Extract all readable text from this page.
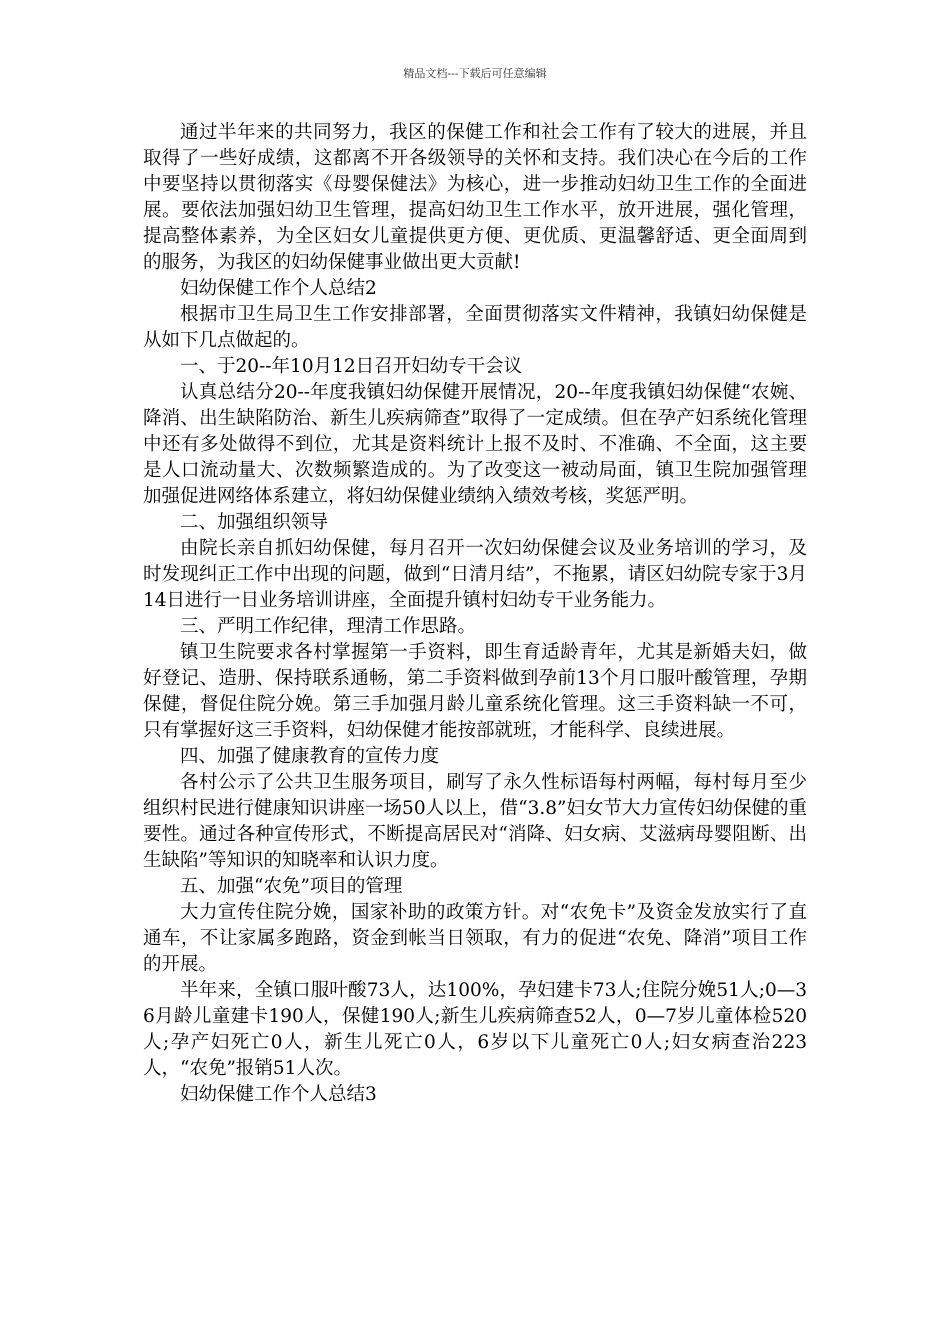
精品文档---下载后可任意编辑

通过半年来的共同努力，我区的保健工作和社会工作有了较大的进展，并且取得了一些好成绩，这都离不开各级领导的关怀和支持。我们决心在今后的工作中要坚持以贯彻落实《母婴保健法》为核心，进一步推动妇幼卫生工作的全面进展。要依法加强妇幼卫生管理，提高妇幼卫生工作水平，放开进展，强化管理，提高整体素养，为全区妇女儿童提供更方便、更优质、更温馨舒适、更全面周到的服务，为我区的妇幼保健事业做出更大贡献!

妇幼保健工作个人总结2

根据市卫生局卫生工作安排部署，全面贯彻落实文件精神，我镇妇幼保健是从如下几点做起的。

一、于20--年10月12日召开妇幼专干会议

认真总结分20--年度我镇妇幼保健开展情况，20--年度我镇妇幼保健“农婉、降消、出生缺陷防治、新生儿疾病筛查”取得了一定成绩。但在孕产妇系统化管理中还有多处做得不到位，尤其是资料统计上报不及时、不准确、不全面，这主要是人口流动量大、次数频繁造成的。为了改变这一被动局面，镇卫生院加强管理加强促进网络体系建立，将妇幼保健业绩纳入绩效考核，奖惩严明。

二、加强组织领导

由院长亲自抓妇幼保健，每月召开一次妇幼保健会议及业务培训的学习，及时发现纠正工作中出现的问题，做到“日清月结”，不拖累，请区妇幼院专家于3月14日进行一日业务培训讲座，全面提升镇村妇幼专干业务能力。

三、严明工作纪律，理清工作思路。

镇卫生院要求各村掌握第一手资料，即生育适龄青年，尤其是新婚夫妇，做好登记、造册、保持联系通畅，第二手资料做到孕前13个月口服叶酸管理，孕期保健，督促住院分娩。第三手加强月龄儿童系统化管理。这三手资料缺一不可，只有掌握好这三手资料，妇幼保健才能按部就班，才能科学、良续进展。

四、加强了健康教育的宣传力度

各村公示了公共卫生服务项目，刷写了永久性标语每村两幅，每村每月至少组织村民进行健康知识讲座一场50人以上，借“3.8”妇女节大力宣传妇幼保健的重要性。通过各种宣传形式，不断提高居民对“消降、妇女病、艾滋病母婴阻断、出生缺陷”等知识的知晓率和认识力度。

五、加强“农免”项目的管理

大力宣传住院分娩，国家补助的政策方针。对“农免卡”及资金发放实行了直通车，不让家属多跑路，资金到帐当日领取，有力的促进“农免、降消”项目工作的开展。

半年来，全镇口服叶酸73人，达100%，孕妇建卡73人;住院分娩51人;0—36月龄儿童建卡190人，保健190人;新生儿疾病筛查52人，0—7岁儿童体检520人;孕产妇死亡0人，新生儿死亡0人，6岁以下儿童死亡0人;妇女病查治223人，“农免”报销51人次。

妇幼保健工作个人总结3
